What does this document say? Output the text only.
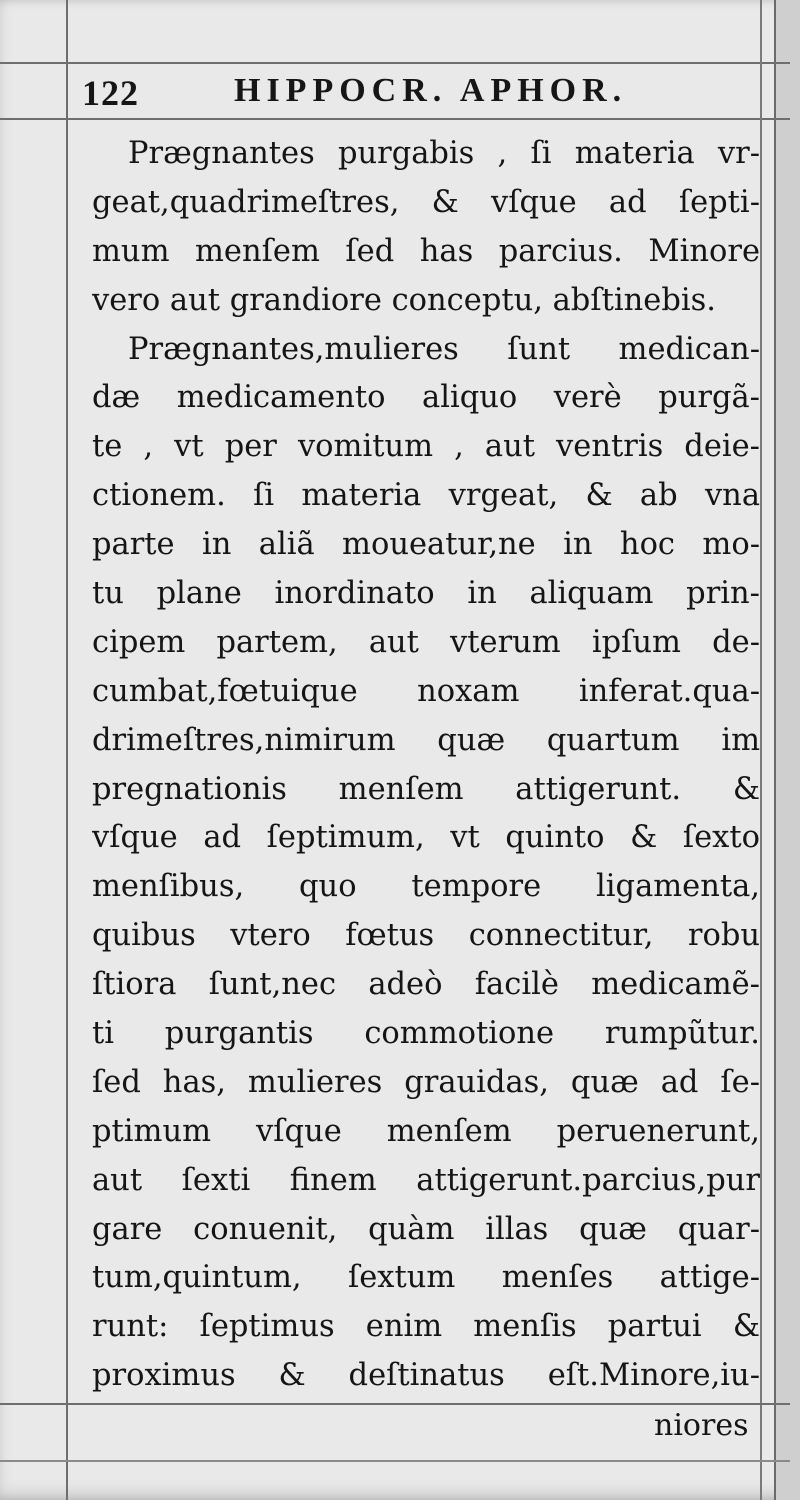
122	HIPPOCR. APHOR.
Prægnantes purgabis , ſi materia vr-
geat,quadrimeſtres, & vſque ad ſepti-
mum menſem ſed has parcius. Minore
vero aut grandiore conceptu, abſtinebis.
Prægnantes,mulieres ſunt medican-
dæ medicamento aliquo verè purgã-
te , vt per vomitum , aut ventris deie-
ctionem. ſi materia vrgeat, & ab vna
parte in aliã moueatur,ne in hoc mo-
tu plane inordinato in aliquam prin-
cipem partem, aut vterum ipſum de-
cumbat,fœtuique noxam inferat.qua-
drimeſtres,nimirum quæ quartum im
pregnationis menſem attigerunt. &
vſque ad ſeptimum, vt quinto & ſexto
menſibus, quo tempore ligamenta,
quibus vtero fœtus connectitur, robu
ſtiora ſunt,nec adeò facilè medicamẽ-
ti purgantis commotione rumpũtur.
ſed has, mulieres grauidas, quæ ad ſe-
ptimum vſque menſem peruenerunt,
aut ſexti finem attigerunt.parcius,pur
gare conuenit, quàm illas quæ quar-
tum,quintum, ſextum menſes attige-
runt: ſeptimus enim menſis partui &
proximus & deſtinatus eſt.Minore,iu-
niores
